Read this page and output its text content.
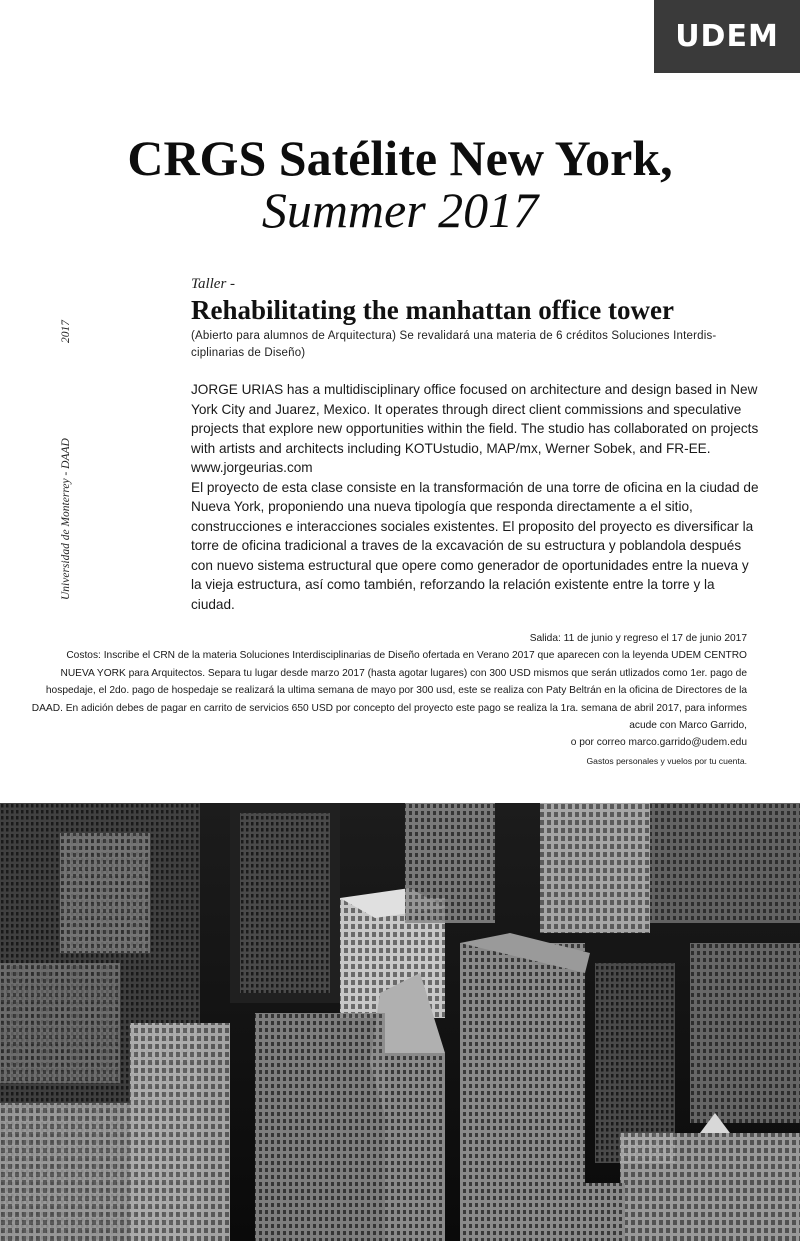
UDEM
CRGS Satélite New York,
Summer 2017
Universidad de Monterrey - DAAD
2017
Taller -
Rehabilitating the manhattan office tower
(Abierto para alumnos de Arquitectura) Se revalidará una materia de 6 créditos Soluciones Interdis-ciplinarias de Diseño)

JORGE URIAS has a multidisciplinary office focused on architecture and design based in New York City and Juarez, Mexico. It operates through direct client commissions and speculative projects that explore new opportunities within the field. The studio has collaborated on projects with artists and architects including KOTUstudio, MAP/mx, Werner Sobek, and FR-EE.

www.jorgeurias.com

El proyecto de esta clase consiste en la transformación de una torre de oficina en la ciudad de Nueva York, proponiendo una nueva tipología que responda directamente a el sitio, construcciones e interacciones sociales existentes. El proposito del proyecto es diversificar la torre de oficina tradicional a traves de la excavación de su estructura y poblandola después con nuevo sistema estructural que opere como generador de oportunidades entre la nueva y la vieja estructura, así como también, reforzando la relación existente entre la torre y la ciudad.

Salida: 11 de junio y regreso el 17 de junio 2017

Costos: Inscribe el CRN de la materia Soluciones Interdisciplinarias de Diseño ofertada en Verano 2017 que aparecen con la leyenda UDEM CENTRO NUEVA YORK para Arquitectos. Separa tu lugar desde marzo 2017 (hasta agotar lugares) con 300 USD mismos que serán utlizados como 1er. pago de hospedaje, el 2do. pago de hospedaje se realizará la ultima semana de mayo por 300 usd, este se realiza con Paty Beltrán en la oficina de Directores de la DAAD. En adición debes de pagar en carrito de servicios 650 USD por concepto del proyecto este pago se realiza la 1ra. semana de abril 2017, para informes acude con Marco Garrido,

o por correo marco.garrido@udem.edu

Gastos personales y vuelos por tu cuenta.
